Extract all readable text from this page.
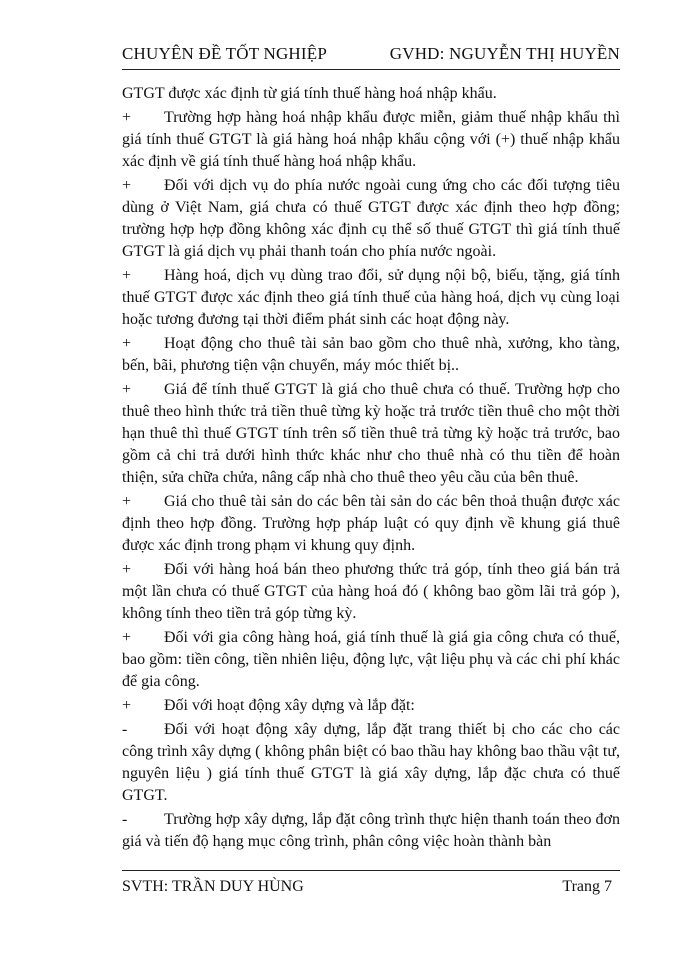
CHUYÊN ĐỀ TỐT NGHIỆP	GVHD: NGUYỄN THỊ HUYỀN

GTGT được xác định từ giá tính thuế hàng hoá nhập khẩu.

+ Trường hợp hàng hoá nhập khẩu được miễn, giảm thuế nhập khẩu thì giá tính thuế GTGT là giá hàng hoá nhập khẩu cộng với (+) thuế nhập khẩu xác định về giá tính thuế hàng hoá nhập khẩu.

+ Đối với dịch vụ do phía nước ngoài cung ứng cho các đối tượng tiêu dùng ở Việt Nam, giá chưa có thuế GTGT được xác định theo hợp đồng; trường hợp hợp đồng không xác định cụ thể số thuế GTGT thì giá tính thuế GTGT là giá dịch vụ phải thanh toán cho phía nước ngoài.

+ Hàng hoá, dịch vụ dùng trao đổi, sử dụng nội bộ, biếu, tặng, giá tính thuế GTGT được xác định theo giá tính thuế của hàng hoá, dịch vụ cùng loại hoặc tương đương tại thời điểm phát sinh các hoạt động này.

+ Hoạt động cho thuê tài sản bao gồm cho thuê nhà, xưởng, kho tàng, bến, bãi, phương tiện vận chuyển, máy móc thiết bị..

+ Giá để tính thuế GTGT là giá cho thuê chưa có thuế. Trường hợp cho thuê theo hình thức trả tiền thuê từng kỳ hoặc trả trước tiền thuê cho một thời hạn thuê thì thuế GTGT tính trên số tiền thuê trả từng kỳ hoặc trả trước, bao gồm cả chi trả dưới hình thức khác như cho thuê nhà có thu tiền để hoàn thiện, sửa chữa chửa, nâng cấp nhà cho thuê theo yêu cầu của bên thuê.

+ Giá cho thuê tài sản do các bên tài sản do các bên thoả thuận được xác định theo hợp đồng. Trường hợp pháp luật có quy định về khung giá thuê được xác định trong phạm vi khung quy định.

+ Đối với hàng hoá bán theo phương thức trả góp, tính theo giá bán trả một lần chưa có thuế GTGT của hàng hoá đó ( không bao gồm lãi trả góp ), không tính theo tiền trả góp từng kỳ.

+ Đối với gia công hàng hoá, giá tính thuế là giá gia công chưa có thuế, bao gồm: tiền công, tiền nhiên liệu, động lực, vật liệu phụ và các chi phí khác để gia công.

+ Đối với hoạt động xây dựng và lắp đặt:

- Đối với hoạt động xây dựng, lắp đặt trang thiết bị cho các cho các công trình xây dựng ( không phân biệt có bao thầu hay không bao thầu vật tư, nguyên liệu ) giá tính thuế GTGT là giá xây dựng, lắp đặc chưa có thuế GTGT.

- Trường hợp xây dựng, lắp đặt công trình thực hiện thanh toán theo đơn giá và tiến độ hạng mục công trình, phân công việc hoàn thành bàn

SVTH: TRẦN DUY HÙNG	Trang 7
